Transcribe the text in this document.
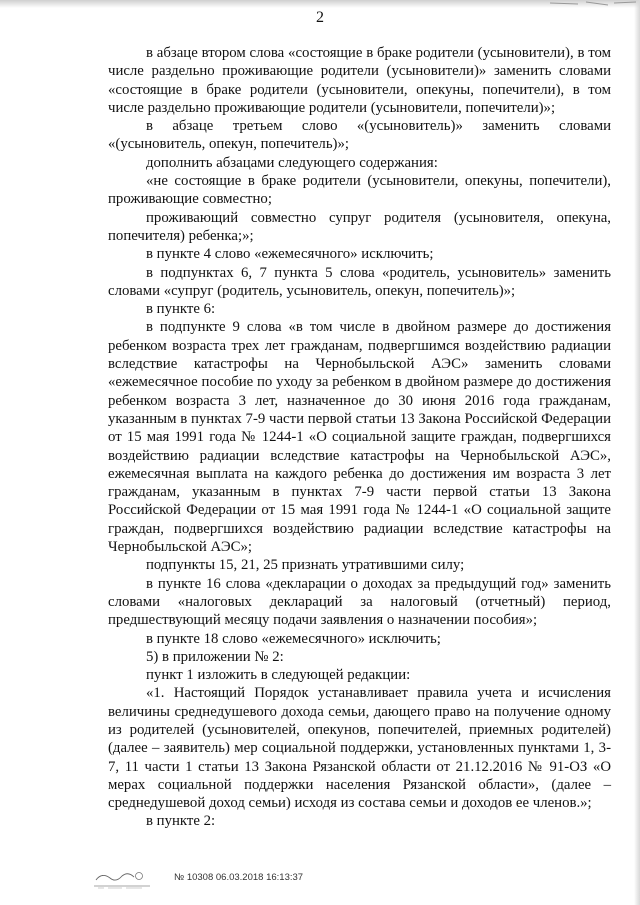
2

в абзаце втором слова «состоящие в браке родители (усыновители), в том числе раздельно проживающие родители (усыновители)» заменить словами «состоящие в браке родители (усыновители, опекуны, попечители), в том числе раздельно проживающие родители (усыновители, попечители)»;

в абзаце третьем слово «(усыновитель)» заменить словами «(усыновитель, опекун, попечитель)»;

дополнить абзацами следующего содержания:

«не состоящие в браке родители (усыновители, опекуны, попечители), проживающие совместно;

проживающий совместно супруг родителя (усыновителя, опекуна, попечителя) ребенка;»;

в пункте 4 слово «ежемесячного» исключить;

в подпунктах 6, 7 пункта 5 слова «родитель, усыновитель» заменить словами «супруг (родитель, усыновитель, опекун, попечитель)»;

в пункте 6:

в подпункте 9 слова «в том числе в двойном размере до достижения ребенком возраста трех лет гражданам, подвергшимся воздействию радиации вследствие катастрофы на Чернобыльской АЭС» заменить словами «ежемесячное пособие по уходу за ребенком в двойном размере до достижения ребенком возраста 3 лет, назначенное до 30 июня 2016 года гражданам, указанным в пунктах 7-9 части первой статьи 13 Закона Российской Федерации от 15 мая 1991 года № 1244-1 «О социальной защите граждан, подвергшихся воздействию радиации вследствие катастрофы на Чернобыльской АЭС», ежемесячная выплата на каждого ребенка до достижения им возраста 3 лет гражданам, указанным в пунктах 7-9 части первой статьи 13 Закона Российской Федерации от 15 мая 1991 года № 1244-1 «О социальной защите граждан, подвергшихся воздействию радиации вследствие катастрофы на Чернобыльской АЭС»;

подпункты 15, 21, 25 признать утратившими силу;

в пункте 16 слова «декларации о доходах за предыдущий год» заменить словами «налоговых деклараций за налоговый (отчетный) период, предшествующий месяцу подачи заявления о назначении пособия»;

в пункте 18 слово «ежемесячного» исключить;

5) в приложении № 2:

пункт 1 изложить в следующей редакции:

«1. Настоящий Порядок устанавливает правила учета и исчисления величины среднедушевого дохода семьи, дающего право на получение одному из родителей (усыновителей, опекунов, попечителей, приемных родителей) (далее – заявитель) мер социальной поддержки, установленных пунктами 1, 3-7, 11 части 1 статьи 13 Закона Рязанской области от 21.12.2016 № 91-ОЗ «О мерах социальной поддержки населения Рязанской области», (далее – среднедушевой доход семьи) исходя из состава семьи и доходов ее членов.»;

в пункте 2:

№ 10308 06.03.2018 16:13:37
